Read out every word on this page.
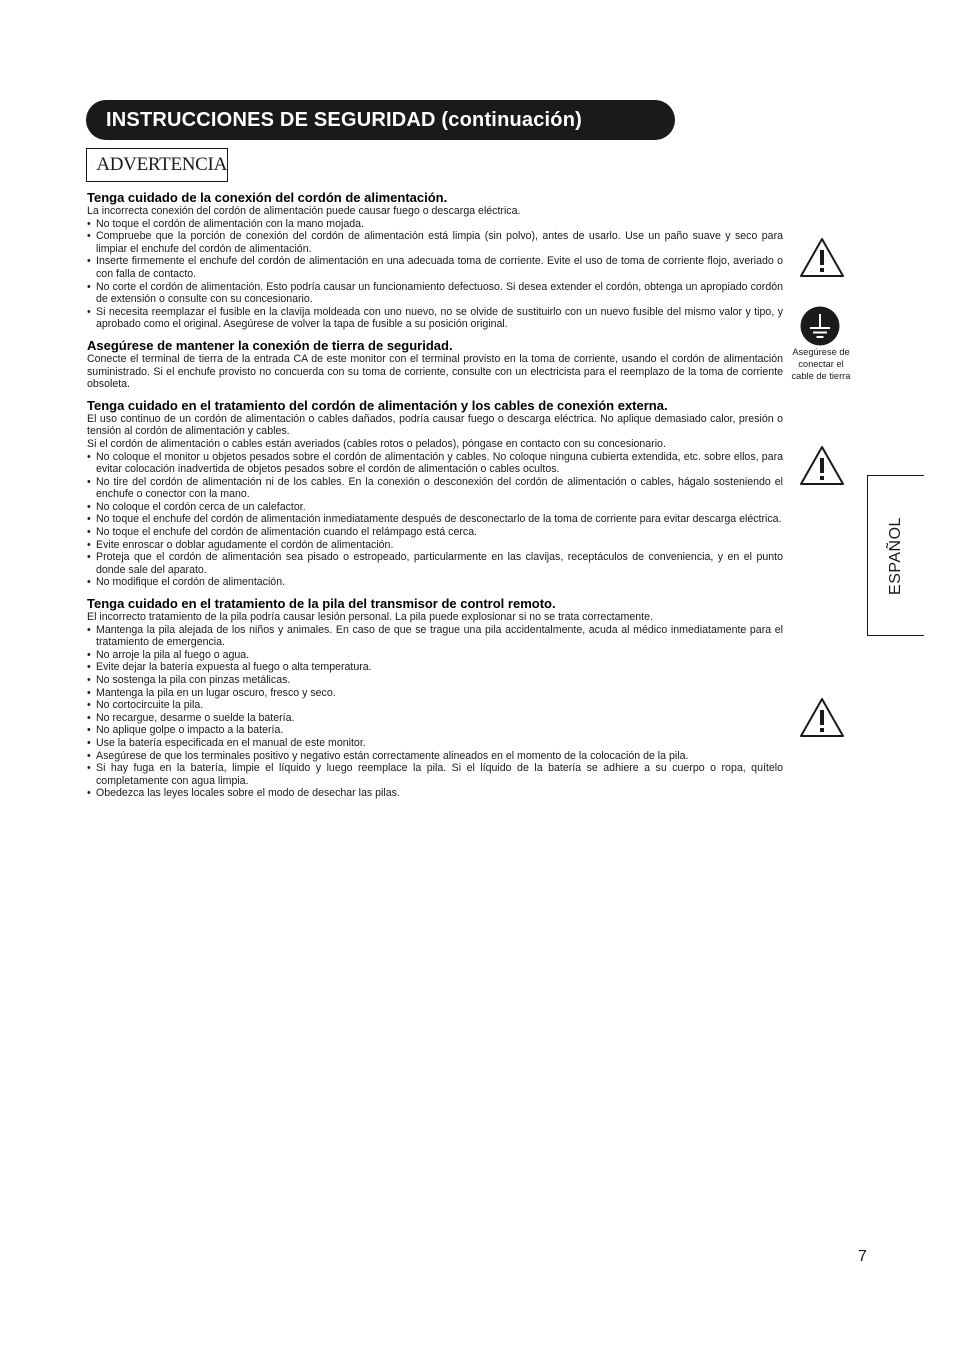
INSTRUCCIONES DE SEGURIDAD (continuación)
ADVERTENCIA
Tenga cuidado de la conexión del cordón de alimentación.

La incorrecta conexión del cordón de alimentación puede causar fuego o descarga eléctrica.

• No toque el cordón de alimentación con la mano mojada.
• Compruebe que la porción de conexión del cordón de alimentación está limpia (sin polvo), antes de usarlo. Use un paño suave y seco para limpiar el enchufe del cordón de alimentación.
• Inserte firmemente el enchufe del cordón de alimentación en una adecuada toma de corriente. Evite el uso de toma de corriente flojo, averiado o con falla de contacto.
• No corte el cordón de alimentación. Esto podría causar un funcionamiento defectuoso. Si desea extender el cordón, obtenga un apropiado cordón de extensión o consulte con su concesionario.
• Si necesita reemplazar el fusible en la clavija moldeada con uno nuevo, no se olvide de sustituirlo con un nuevo fusible del mismo valor y tipo, y aprobado como el original. Asegúrese de volver la tapa de fusible a su posición original.
Asegúrese de mantener la conexión de tierra de seguridad.

Conecte el terminal de tierra de la entrada CA de este monitor con el terminal provisto en la toma de corriente, usando el cordón de alimentación suministrado. Si el enchufe provisto no concuerda con su toma de corriente, consulte con un electricista para el reemplazo de la toma de corriente obsoleta.

Tenga cuidado en el tratamiento del cordón de alimentación y los cables de conexión externa.

El uso continuo de un cordón de alimentación o cables dañados, podría causar fuego o descarga eléctrica. No aplique demasiado calor, presión o tensión al cordón de alimentación y cables.

Si el cordón de alimentación o cables están averiados (cables rotos o pelados), póngase en contacto con su concesionario.

• No coloque el monitor u objetos pesados sobre el cordón de alimentación y cables. No coloque ninguna cubierta extendida, etc. sobre ellos, para evitar colocación inadvertida de objetos pesados sobre el cordón de alimentación o cables ocultos.
• No tire del cordón de alimentación ni de los cables. En la conexión o desconexión del cordón de alimentación o cables, hágalo sosteniendo el enchufe o conector con la mano.
• No coloque el cordón cerca de un calefactor.
• No toque el enchufe del cordón de alimentación inmediatamente después de desconectarlo de la toma de corriente para evitar descarga eléctrica.
• No toque el enchufe del cordón de alimentación cuando el relámpago está cerca.
• Evite enroscar o doblar agudamente el cordón de alimentación.
• Proteja que el cordón de alimentación sea pisado o estropeado, particularmente en las clavijas, receptáculos de conveniencia, y en el punto donde sale del aparato.
• No modifique el cordón de alimentación.
Tenga cuidado en el tratamiento de la pila del transmisor de control remoto.

El incorrecto tratamiento de la pila podría causar lesión personal. La pila puede explosionar si no se trata correctamente.

• Mantenga la pila alejada de los niños y animales. En caso de que se trague una pila accidentalmente, acuda al médico inmediatamente para el tratamiento de emergencia.
• No arroje la pila al fuego o agua.
• Evite dejar la batería expuesta al fuego o alta temperatura.
• No sostenga la pila con pinzas metálicas.
• Mantenga la pila en un lugar oscuro, fresco y seco.
• No cortocircuite la pila.
• No recargue, desarme o suelde la batería.
• No aplique golpe o impacto a la batería.
• Use la batería especificada en el manual de este monitor.
• Asegúrese de que los terminales positivo y negativo están correctamente alineados en el momento de la colocación de la pila.
• Si hay fuga en la batería, limpie el líquido y luego reemplace la pila. Si el líquido de la batería se adhiere a su cuerpo o ropa, quítelo completamente con agua limpia.
• Obedezca las leyes locales sobre el modo de desechar las pilas.
Asegúrese de
conectar el
cable de tierra
ESPAÑOL
7
